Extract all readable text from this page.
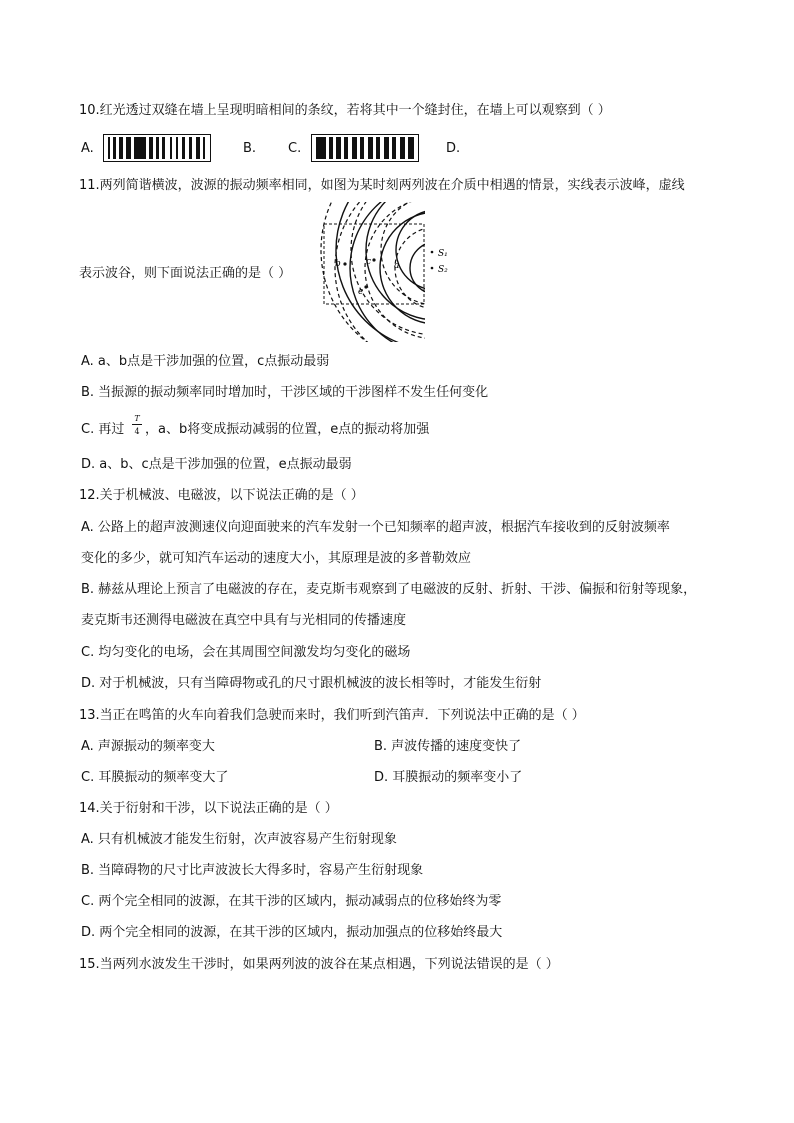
10.红光透过双缝在墙上呈现明暗相间的条纹，若将其中一个缝封住，在墙上可以观察到（ ）
A.	B. C.	D.
11.两列简谐横波，波源的振动频率相同，如图为某时刻两列波在介质中相遇的情景，实线表示波峰，虚线
表示波谷，则下面说法正确的是（ ）
S₁
S₂
a
b	c
e
A. a、b点是干涉加强的位置，c点振动最弱
B. 当振源的振动频率同时增加时，干涉区域的干涉图样不发生任何变化
C. 再过
T
4 ，a、b将变成振动减弱的位置，e点的振动将加强
D. a、b、c点是干涉加强的位置，e点振动最弱
12.关于机械波、电磁波，以下说法正确的是（ ）
A. 公路上的超声波测速仪向迎面驶来的汽车发射一个已知频率的超声波，根据汽车接收到的反射波频率
变化的多少，就可知汽车运动的速度大小，其原理是波的多普勒效应
B. 赫兹从理论上预言了电磁波的存在，麦克斯韦观察到了电磁波的反射、折射、干涉、偏振和衍射等现象，
麦克斯韦还测得电磁波在真空中具有与光相同的传播速度
C. 均匀变化的电场，会在其周围空间激发均匀变化的磁场
D. 对于机械波，只有当障碍物或孔的尺寸跟机械波的波长相等时，才能发生衍射
13.当正在鸣笛的火车向着我们急驶而来时，我们听到汽笛声．下列说法中正确的是（ ）
A. 声源振动的频率变大	B. 声波传播的速度变快了
C. 耳膜振动的频率变大了	D. 耳膜振动的频率变小了
14.关于衍射和干涉，以下说法正确的是（ ）
A. 只有机械波才能发生衍射，次声波容易产生衍射现象
B. 当障碍物的尺寸比声波波长大得多时，容易产生衍射现象
C. 两个完全相同的波源，在其干涉的区域内，振动减弱点的位移始终为零
D. 两个完全相同的波源，在其干涉的区域内，振动加强点的位移始终最大
15.当两列水波发生干涉时，如果两列波的波谷在某点相遇，下列说法错误的是（ ）
